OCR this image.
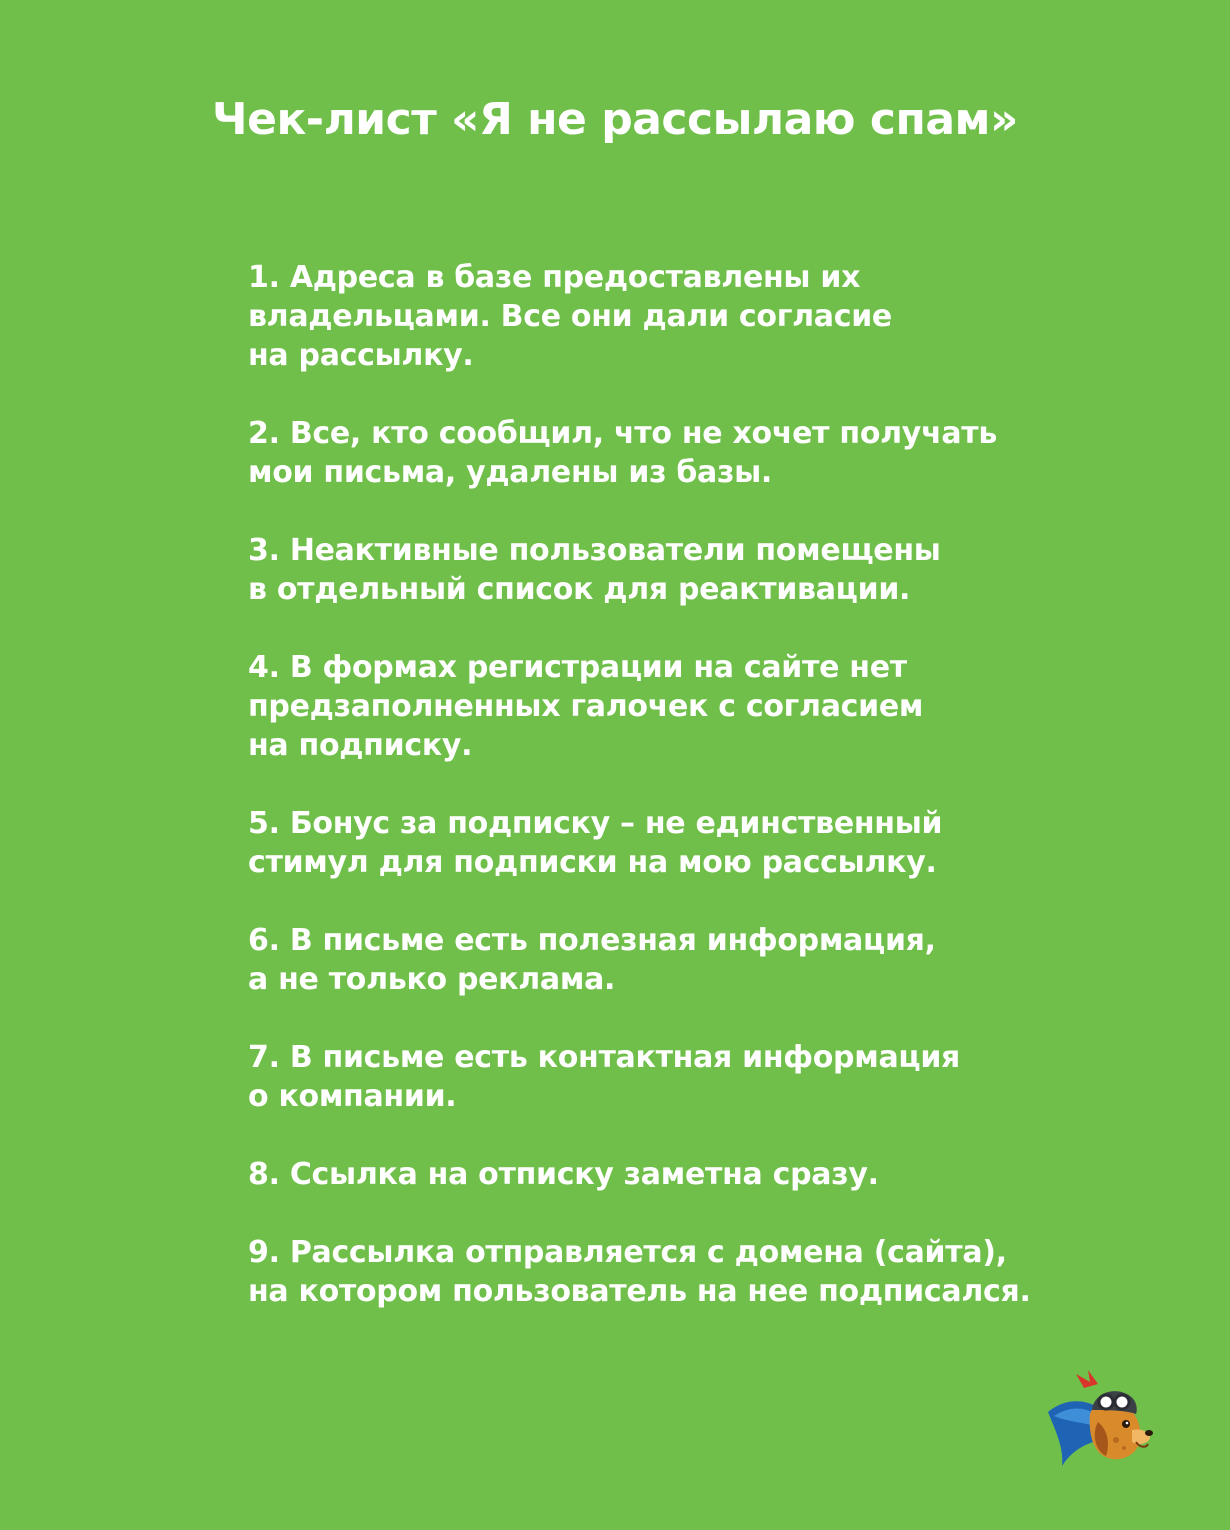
Чек-лист «Я не рассылаю спам»
1. Адреса в базе предоставлены их
владельцами. Все они дали согласие
на рассылку.
2. Все, кто сообщил, что не хочет получать
мои письма, удалены из базы.
3. Неактивные пользователи помещены
в отдельный список для реактивации.
4. В формах регистрации на сайте нет
предзаполненных галочек с согласием
на подписку.
5. Бонус за подписку – не единственный
стимул для подписки на мою рассылку.
6. В письме есть полезная информация,
а не только реклама.
7. В письме есть контактная информация
о компании.
8. Ссылка на отписку заметна сразу.
9. Рассылка отправляется с домена (сайта),
на котором пользователь на нее подписался.
